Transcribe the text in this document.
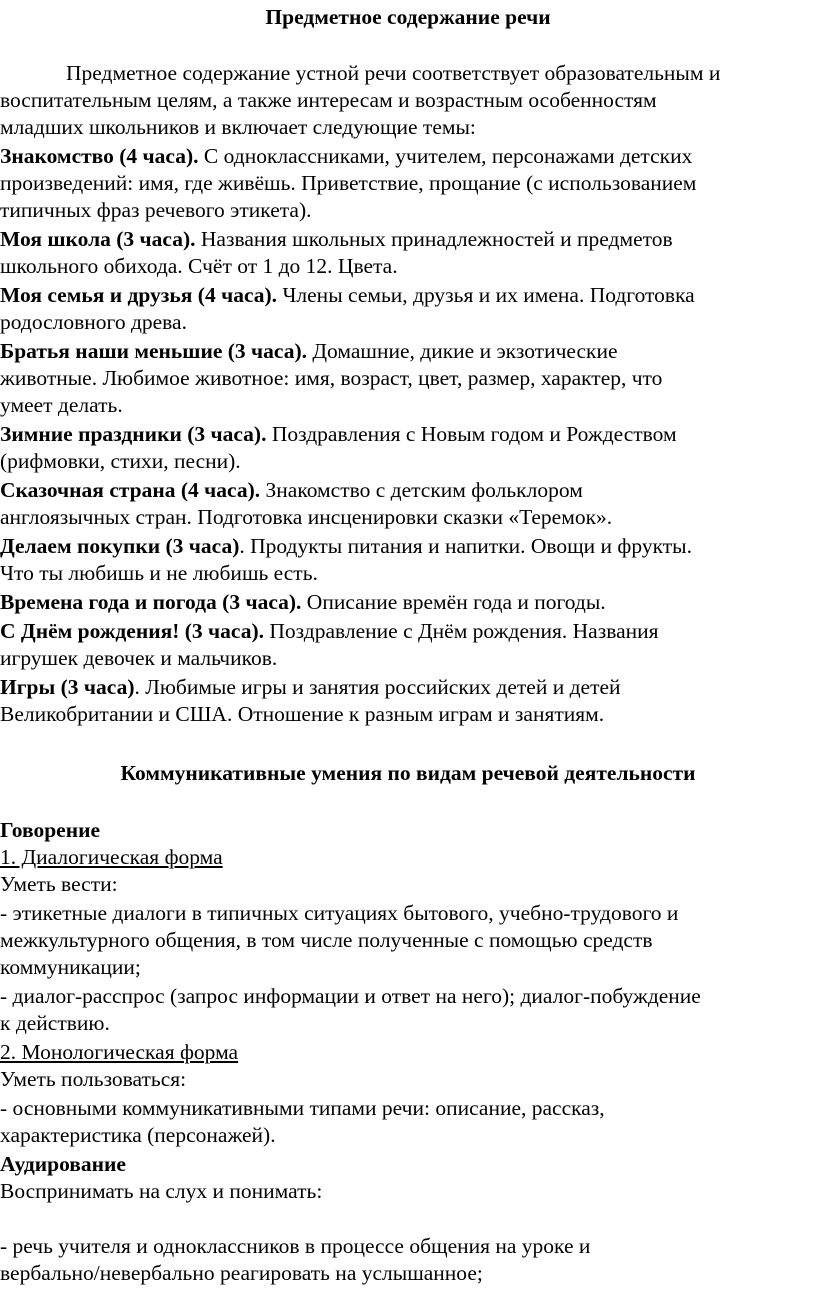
Предметное содержание речи
Предметное содержание устной речи соответствует образовательным и
воспитательным целям, а также интересам и возрастным особенностям
младших школьников и включает следующие темы:
Знакомство (4 часа). С одноклассниками, учителем, персонажами детских
произведений: имя, где живёшь. Приветствие, прощание (с использованием
типичных фраз речевого этикета).
Моя школа (3 часа). Названия школьных принадлежностей и предметов
школьного обихода. Счёт от 1 до 12. Цвета.
Моя семья и друзья (4 часа). Члены семьи, друзья и их имена. Подготовка
родословного древа.
Братья наши меньшие (3 часа). Домашние, дикие и экзотические
животные. Любимое животное: имя, возраст, цвет, размер, характер, что
умеет делать.
Зимние праздники (3 часа). Поздравления с Новым годом и Рождеством
(рифмовки, стихи, песни).
Сказочная страна (4 часа). Знакомство с детским фольклором
англоязычных стран. Подготовка инсценировки сказки «Теремок».
Делаем покупки (3 часа). Продукты питания и напитки. Овощи и фрукты.
Что ты любишь и не любишь есть.
Времена года и погода (3 часа). Описание времён года и погоды.
С Днём рождения! (3 часа). Поздравление с Днём рождения. Названия
игрушек девочек и мальчиков.
Игры (3 часа). Любимые игры и занятия российских детей и детей
Великобритании и США. Отношение к разным играм и занятиям.
Коммуникативные умения по видам речевой деятельности
Говорение
1. Диалогическая форма
Уметь вести:
- этикетные диалоги в типичных ситуациях бытового, учебно-трудового и
межкультурного общения, в том числе полученные с помощью средств
коммуникации;
- диалог-расспрос (запрос информации и ответ на него); диалог-побуждение
к действию.
2. Монологическая форма
Уметь пользоваться:
- основными коммуникативными типами речи: описание, рассказ,
характеристика (персонажей).
Аудирование
Воспринимать на слух и понимать:
- речь учителя и одноклассников в процессе общения на уроке и
вербально/невербально реагировать на услышанное;
